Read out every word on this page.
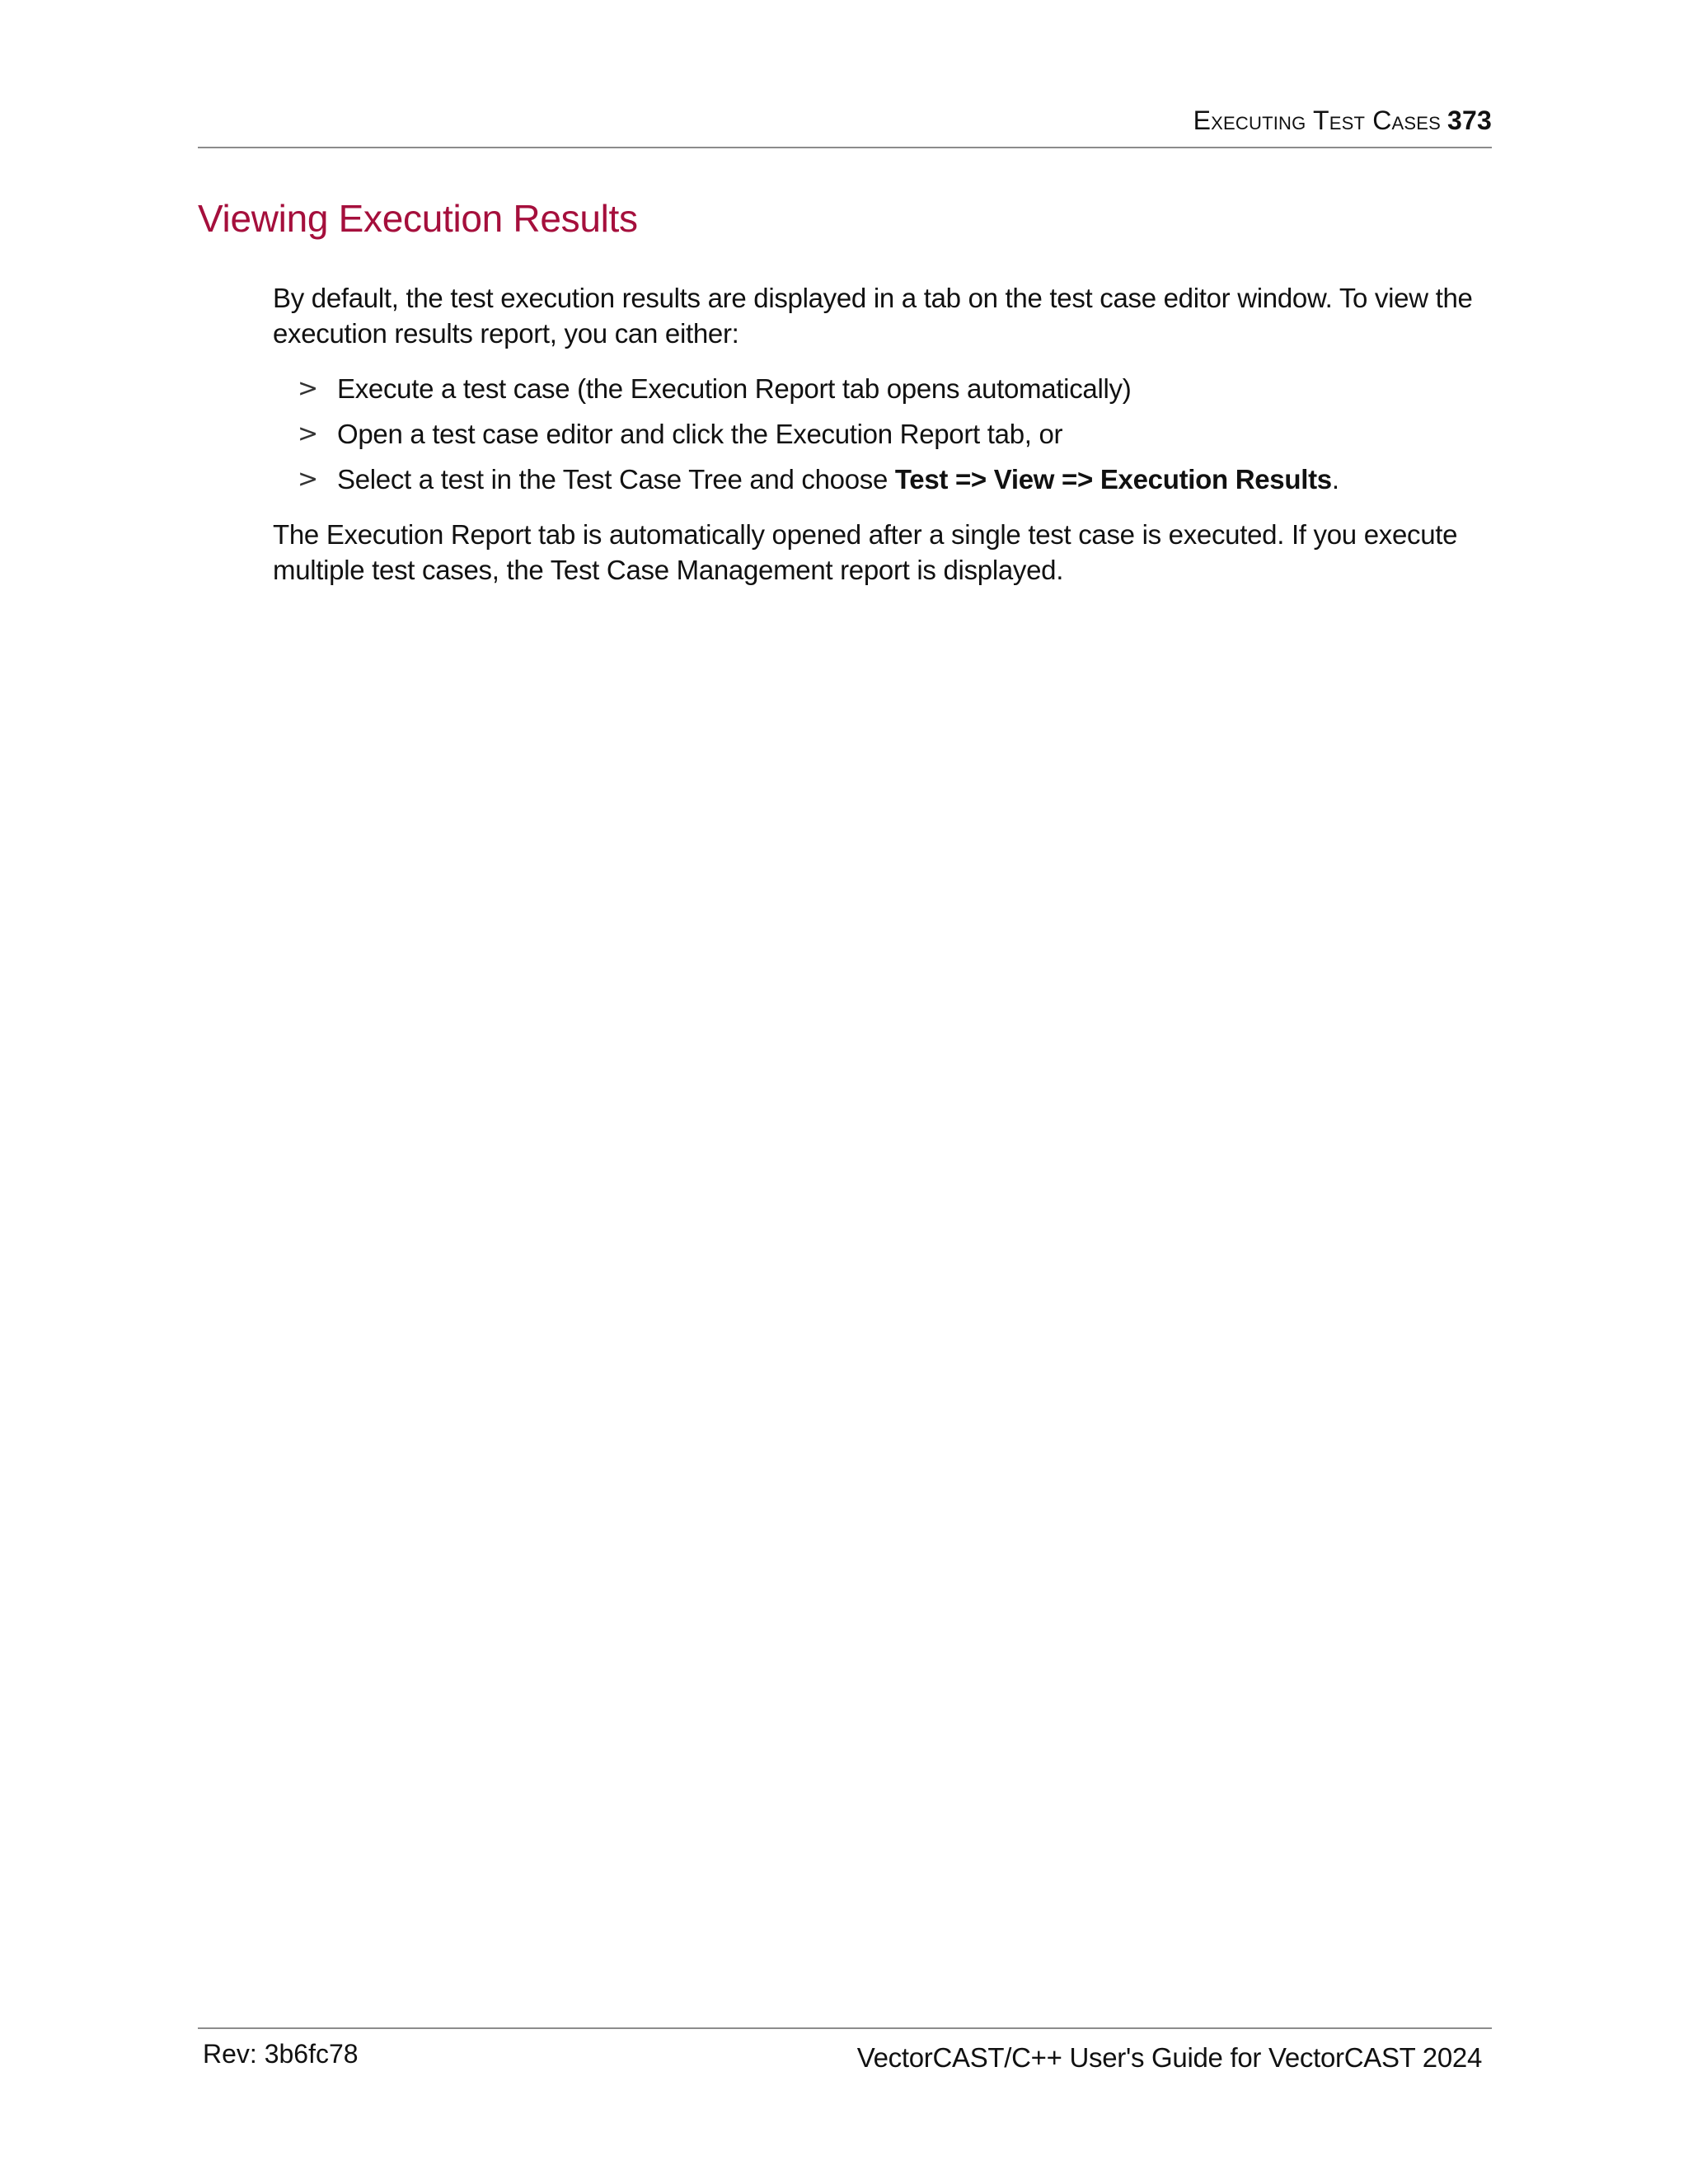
Executing Test Cases 373
Viewing Execution Results

By default, the test execution results are displayed in a tab on the test case editor window. To view the execution results report, you can either:

> Execute a test case (the Execution Report tab opens automatically)
> Open a test case editor and click the Execution Report tab, or
> Select a test in the Test Case Tree and choose Test => View => Execution Results.

The Execution Report tab is automatically opened after a single test case is executed. If you execute multiple test cases, the Test Case Management report is displayed.

Rev: 3b6fc78	VectorCAST/C++ User's Guide for VectorCAST 2024
